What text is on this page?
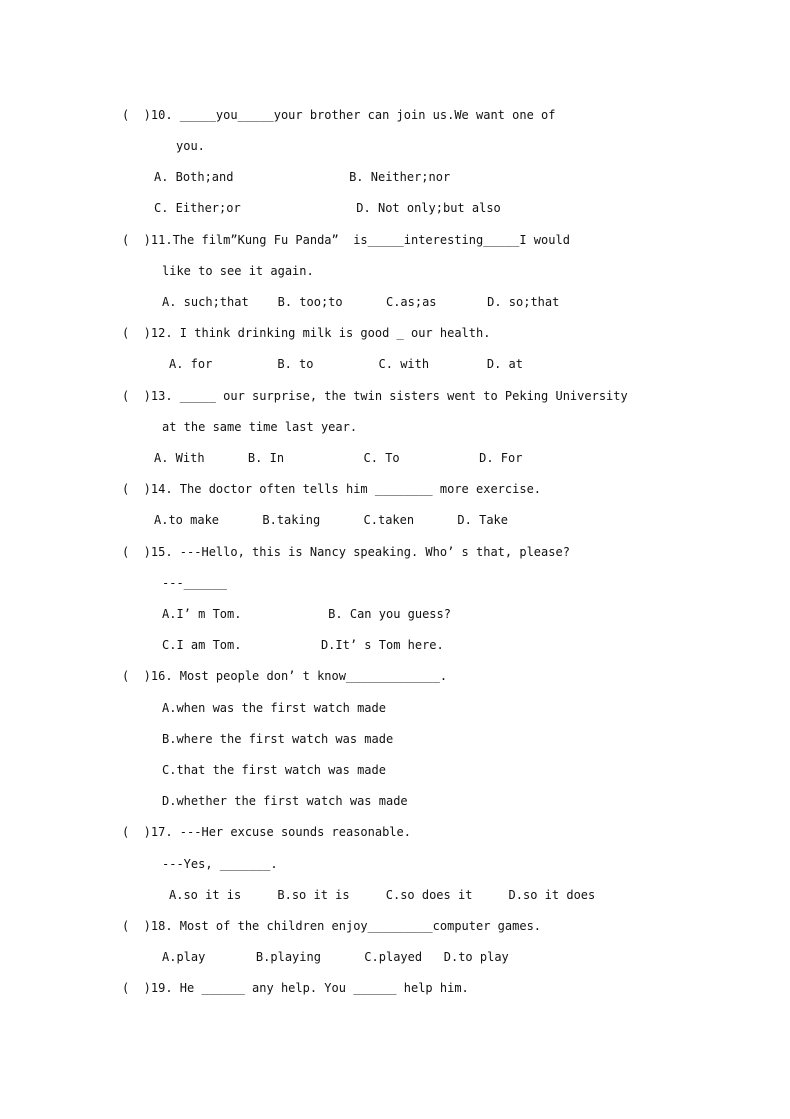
(  )10. _____you_____your brother can join us.We want one of
you.
A. Both;and                B. Neither;nor
C. Either;or                D. Not only;but also
(  )11.The film”Kung Fu Panda”  is_____interesting_____I would
like to see it again.
A. such;that    B. too;to      C.as;as       D. so;that
(  )12. I think drinking milk is good _ our health.
A. for         B. to         C. with        D. at
(  )13. _____ our surprise, the twin sisters went to Peking University
at the same time last year.
A. With      B. In           C. To           D. For
(  )14. The doctor often tells him ________ more exercise.
A.to make      B.taking      C.taken      D. Take
(  )15. ---Hello, this is Nancy speaking. Who’ s that, please?
---______
A.I’ m Tom.            B. Can you guess?
C.I am Tom.           D.It’ s Tom here.
(  )16. Most people don’ t know_____________.
A.when was the first watch made
B.where the first watch was made
C.that the first watch was made
D.whether the first watch was made
(  )17. ---Her excuse sounds reasonable.
---Yes, _______.
A.so it is     B.so it is     C.so does it     D.so it does
(  )18. Most of the children enjoy_________computer games.
A.play       B.playing      C.played   D.to play
(  )19. He ______ any help. You ______ help him.
